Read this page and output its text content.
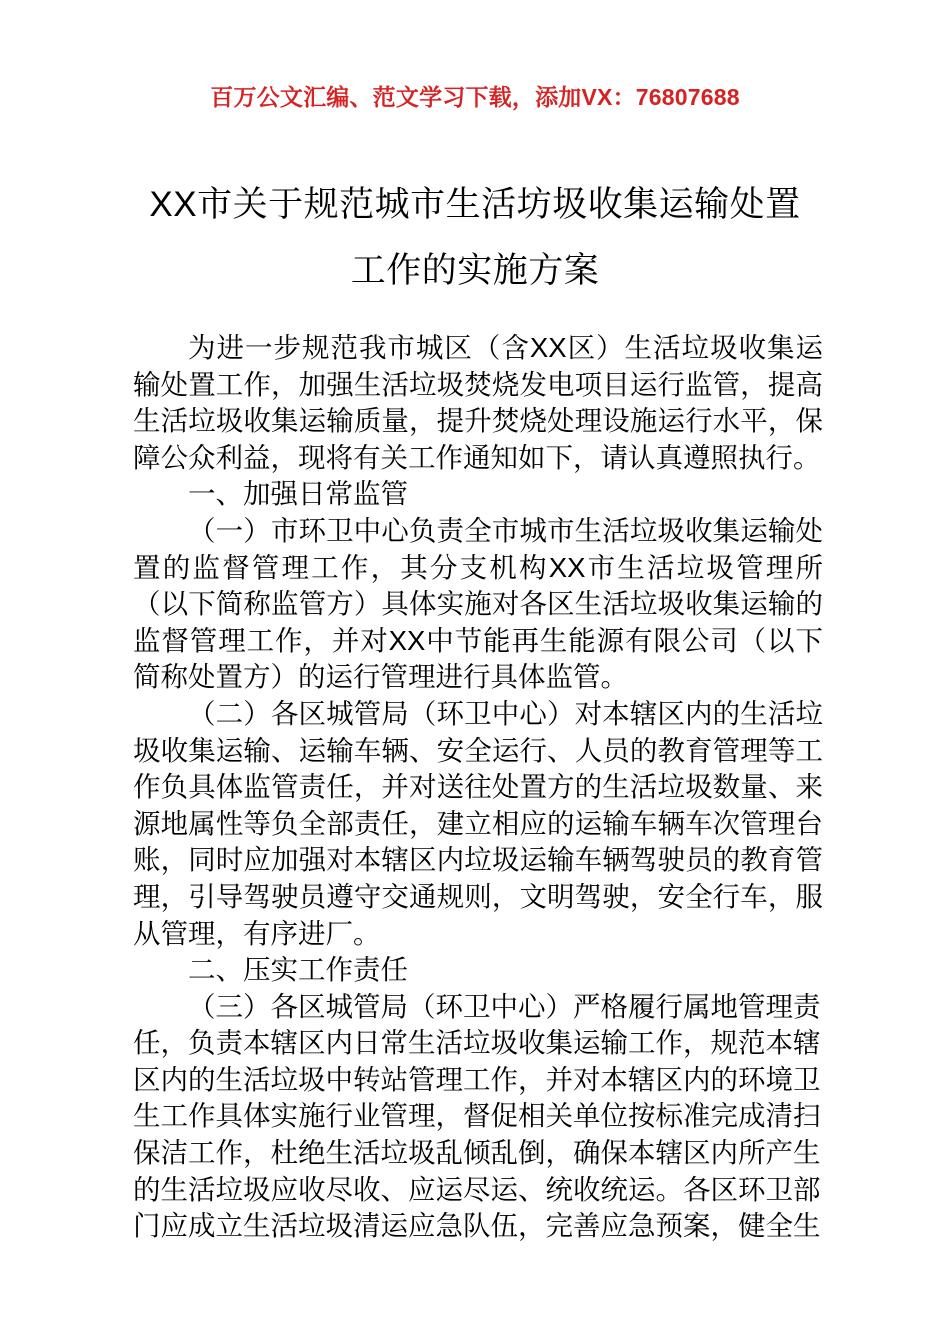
百万公文汇编、范文学习下载，添加VX：76807688
XX市关于规范城市生活坊圾收集运输处置
工作的实施方案

为进一步规范我市城区（含XX区）生活垃圾收集运输处置工作，加强生活垃圾焚烧发电项目运行监管，提高生活垃圾收集运输质量，提升焚烧处理设施运行水平，保障公众利益，现将有关工作通知如下，请认真遵照执行。

一、加强日常监管

（一）市环卫中心负责全市城市生活垃圾收集运输处置的监督管理工作，其分支机构XX市生活垃圾管理所（以下简称监管方）具体实施对各区生活垃圾收集运输的监督管理工作，并对XX中节能再生能源有限公司（以下简称处置方）的运行管理进行具体监管。

（二）各区城管局（环卫中心）对本辖区内的生活垃圾收集运输、运输车辆、安全运行、人员的教育管理等工作负具体监管责任，并对送往处置方的生活垃圾数量、来源地属性等负全部责任，建立相应的运输车辆车次管理台账，同时应加强对本辖区内垃圾运输车辆驾驶员的教育管理，引导驾驶员遵守交通规则，文明驾驶，安全行车，服从管理，有序进厂。

二、压实工作责任

（三）各区城管局（环卫中心）严格履行属地管理责任，负责本辖区内日常生活垃圾收集运输工作，规范本辖区内的生活垃圾中转站管理工作，并对本辖区内的环境卫生工作具体实施行业管理，督促相关单位按标准完成清扫保洁工作，杜绝生活垃圾乱倾乱倒，确保本辖区内所产生的生活垃圾应收尽收、应运尽运、统收统运。各区环卫部门应成立生活垃圾清运应急队伍，完善应急预案，健全生
